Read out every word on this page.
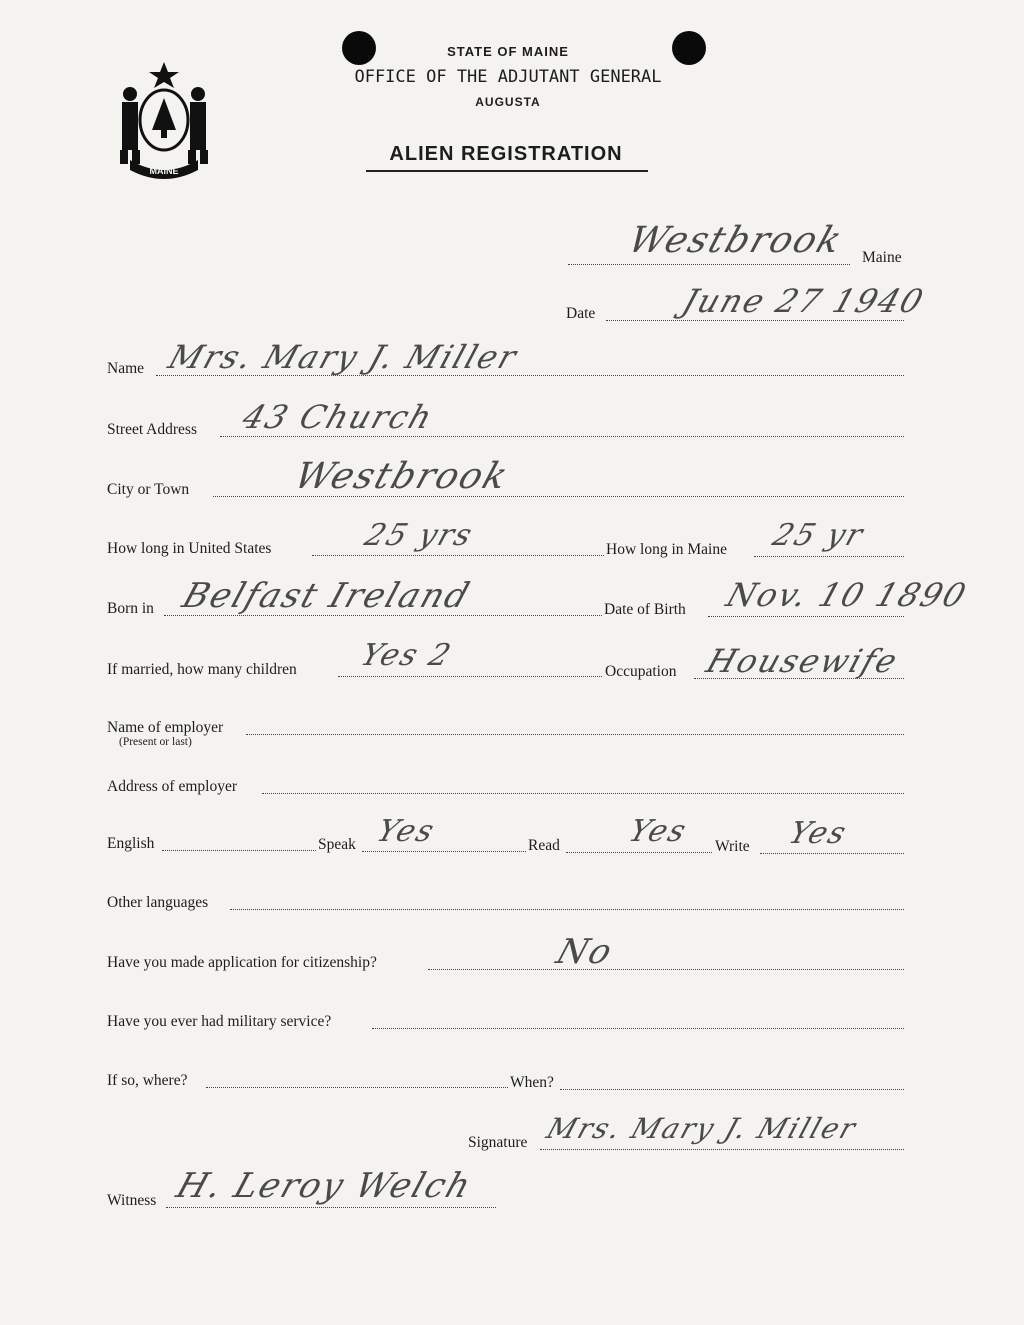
MAINE
STATE OF MAINE
OFFICE OF THE ADJUTANT GENERAL
AUGUSTA
ALIEN REGISTRATION
Westbrook Maine
Date	June 27 1940
Name Mrs. Mary J. Miller
Street Address 43 Church
City or Town	Westbrook
How long in United States	25 yrs	How long in Maine 25 yr
Born in Belfast Ireland	Date of Birth Nov. 10 1890
If married, how many children Yes 2	Occupation Housewife
Name of employer
(Present or last)
Address of employer
English	Speak Yes	Read Yes Write Yes
Other languages
Have you made application for citizenship?	No
Have you ever had military service?
If so, where?	When?
Signature Mrs. Mary J. Miller
Witness H. Leroy Welch
